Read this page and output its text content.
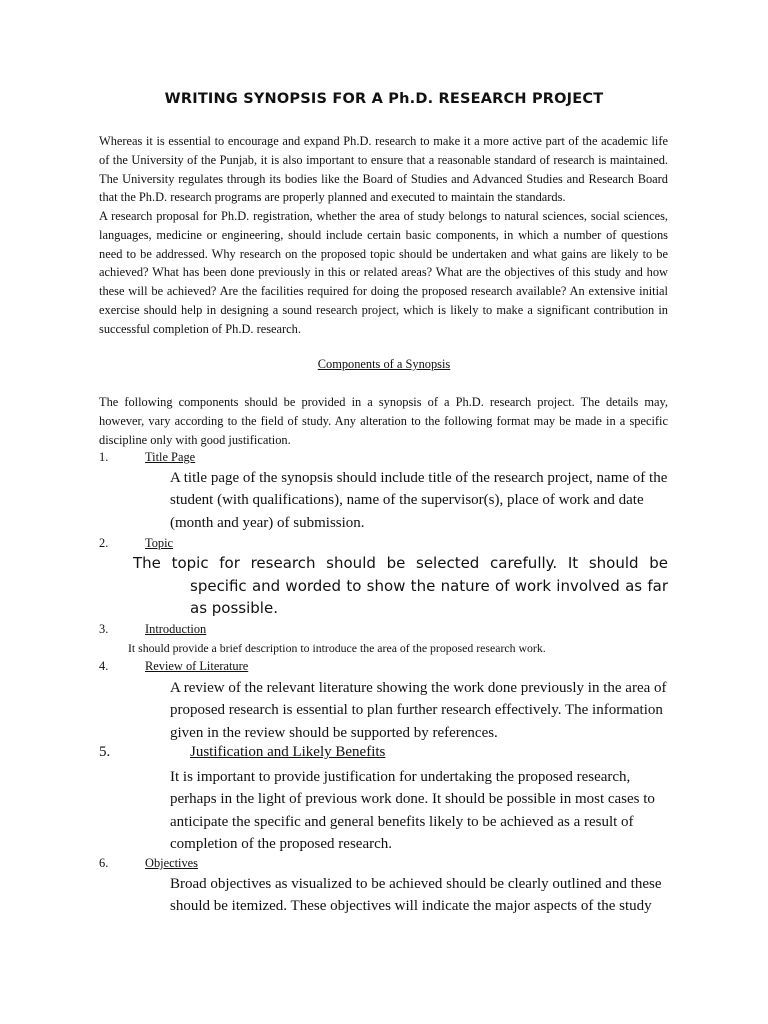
WRITING SYNOPSIS FOR A Ph.D. RESEARCH PROJECT

Whereas it is essential to encourage and expand Ph.D. research to make it a more active part of the academic life of the University of the Punjab, it is also important to ensure that a reasonable standard of research is maintained. The University regulates through its bodies like the Board of Studies and Advanced Studies and Research Board that the Ph.D. research programs are properly planned and executed to maintain the standards.

A research proposal for Ph.D. registration, whether the area of study belongs to natural sciences, social sciences, languages, medicine or engineering, should include certain basic components, in which a number of questions need to be addressed. Why research on the proposed topic should be undertaken and what gains are likely to be achieved? What has been done previously in this or related areas? What are the objectives of this study and how these will be achieved? Are the facilities required for doing the proposed research available? An extensive initial exercise should help in designing a sound research project, which is likely to make a significant contribution in successful completion of Ph.D. research.

Components of a Synopsis

The following components should be provided in a synopsis of a Ph.D. research project. The details may, however, vary according to the field of study. Any alteration to the following format may be made in a specific discipline only with good justification.

1.	Title Page

A title page of the synopsis should include title of the research project, name of the student (with qualifications), name of the supervisor(s), place of work and date (month and year) of submission.

2.	Topic

The topic for research should be selected carefully. It should be specific and worded to show the nature of work involved as far as possible.

3.	Introduction

It should provide a brief description to introduce the area of the proposed research work.

4.	Review of Literature

A review of the relevant literature showing the work done previously in the area of proposed research is essential to plan further research effectively. The information given in the review should be supported by references.

5.	Justification and Likely Benefits

It is important to provide justification for undertaking the proposed research, perhaps in the light of previous work done. It should be possible in most cases to anticipate the specific and general benefits likely to be achieved as a result of completion of the proposed research.

6.	Objectives

Broad objectives as visualized to be achieved should be clearly outlined and these should be itemized. These objectives will indicate the major aspects of the study
